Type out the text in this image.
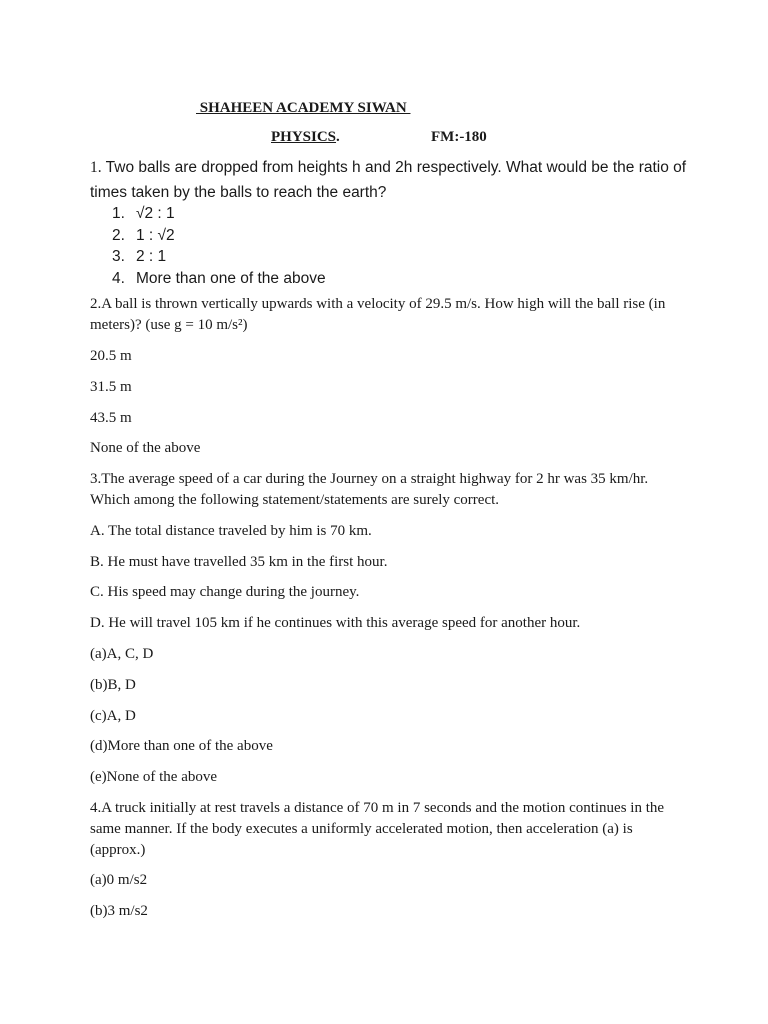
SHAHEEN ACADEMY SIWAN
PHYSICS.	FM:-180
1. Two balls are dropped from heights h and 2h respectively. What would be the ratio of times taken by the balls to reach the earth?
1. √2 : 1
2. 1 : √2
3. 2 : 1
4. More than one of the above
2.A ball is thrown vertically upwards with a velocity of 29.5 m/s. How high will the ball rise (in meters)? (use g = 10 m/s²)
20.5 m
31.5 m
43.5 m
None of the above
3.The average speed of a car during the Journey on a straight highway for 2 hr was 35 km/hr. Which among the following statement/statements are surely correct.
A. The total distance traveled by him is 70 km.
B. He must have travelled 35 km in the first hour.
C. His speed may change during the journey.
D. He will travel 105 km if he continues with this average speed for another hour.
(a)A, C, D
(b)B, D
(c)A, D
(d)More than one of the above
(e)None of the above
4.A truck initially at rest travels a distance of 70 m in 7 seconds and the motion continues in the same manner. If the body executes a uniformly accelerated motion, then acceleration (a) is (approx.)
(a)0 m/s2
(b)3 m/s2
